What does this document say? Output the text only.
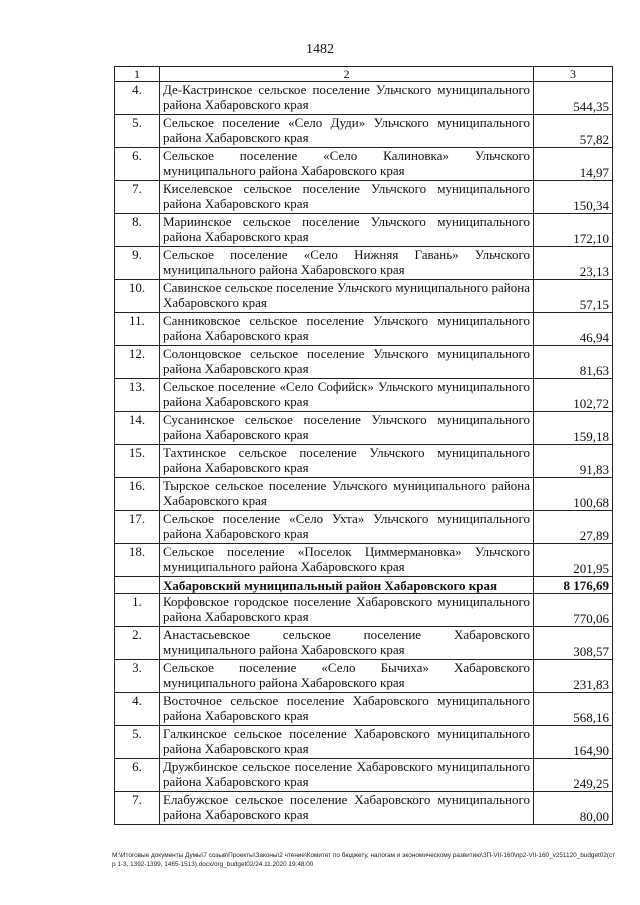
1482
1	2	3
4.	Де-Кастринское сельское поселение Ульчского муниципального района Хабаровского края	544,35
5.	Сельское поселение «Село Дуди» Ульчского муниципального района Хабаровского края	57,82
6.	Сельское поселение «Село Калиновка» Ульчского муниципального района Хабаровского края	14,97
7.	Киселевское сельское поселение Ульчского муниципального района Хабаровского края	150,34
8.	Мариинское сельское поселение Ульчского муниципального района Хабаровского края	172,10
9.	Сельское поселение «Село Нижняя Гавань» Ульчского муниципального района Хабаровского края	23,13
10.	Савинское сельское поселение Ульчского муниципального района Хабаровского края	57,15
11.	Санниковское сельское поселение Ульчского муниципального района Хабаровского края	46,94
12.	Солонцовское сельское поселение Ульчского муниципального района Хабаровского края	81,63
13.	Сельское поселение «Село Софийск» Ульчского муниципального района Хабаровского края	102,72
14.	Сусанинское сельское поселение Ульчского муниципального района Хабаровского края	159,18
15.	Тахтинское сельское поселение Ульчского муниципального района Хабаровского края	91,83
16.	Тырское сельское поселение Ульчского муниципального района Хабаровского края	100,68
17.	Сельское поселение «Село Ухта» Ульчского муниципального района Хабаровского края	27,89
18.	Сельское поселение «Поселок Циммермановка» Ульчского муниципального района Хабаровского края	201,95
	Хабаровский муниципальный район Хабаровского края	8 176,69
1.	Корфовское городское поселение Хабаровского муниципального района Хабаровского края	770,06
2.	Анастасьевское сельское поселение Хабаровского муниципального района Хабаровского края	308,57
3.	Сельское поселение «Село Бычиха» Хабаровского муниципального района Хабаровского края	231,83
4.	Восточное сельское поселение Хабаровского муниципального района Хабаровского края	568,16
5.	Галкинское сельское поселение Хабаровского муниципального района Хабаровского края	164,90
6.	Дружбинское сельское поселение Хабаровского муниципального района Хабаровского края	249,25
7.	Елабужское сельское поселение Хабаровского муниципального района Хабаровского края	80,00
M:\Итоговые документы Думы\7 созыв\Проекты\Законы\2 чтение\Комитет по бюджету, налогам и экономическому развитию\ЗП-VII-160\пр2-VII-160_v251120_budget02(стр 1-3, 1392-1399, 1465-1513).docx/org_budget02/24.11.2020 19:48:00
